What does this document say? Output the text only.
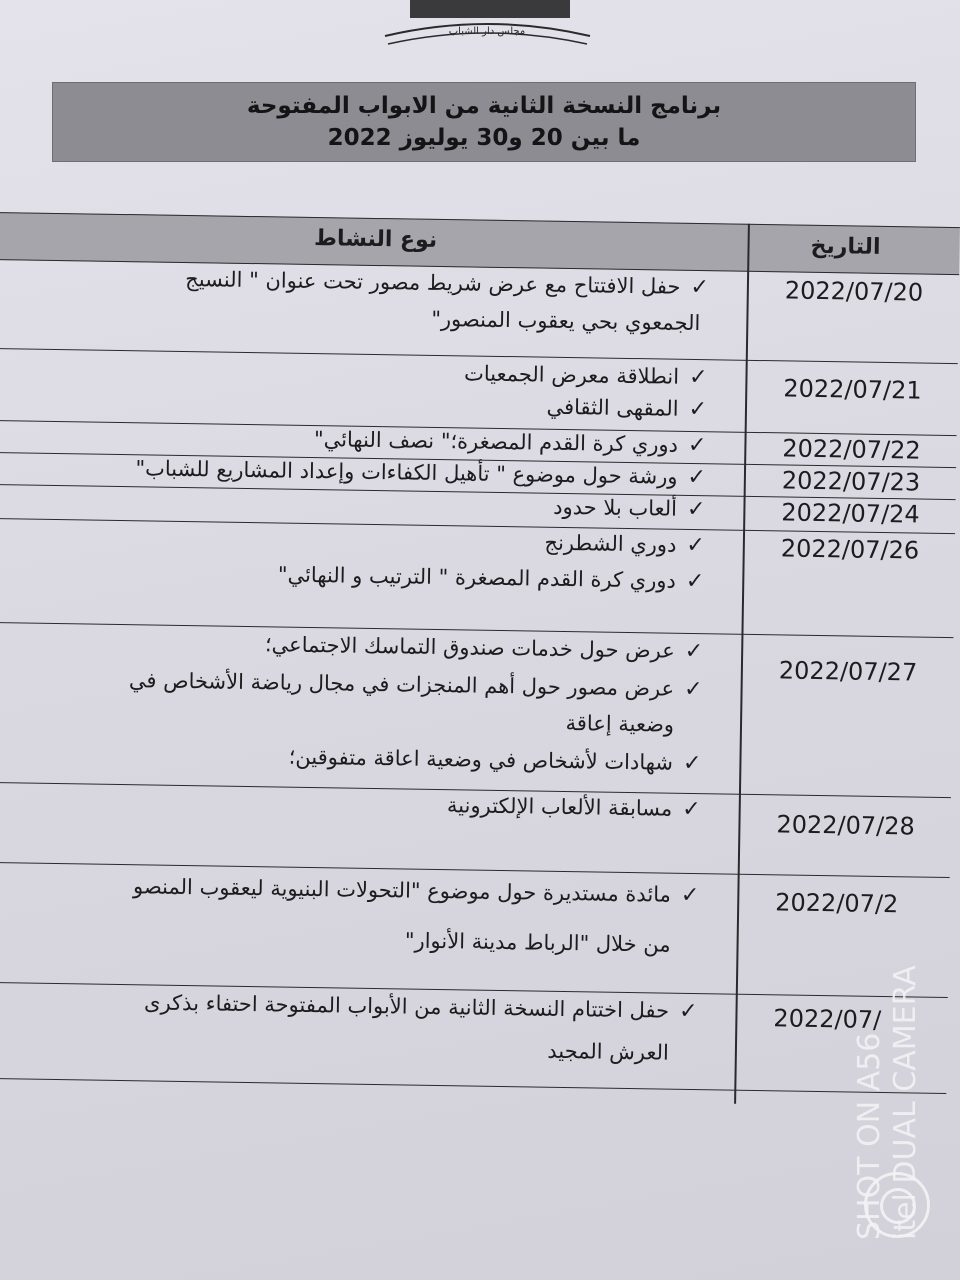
مجلس دار الشباب
برنامج النسخة الثانية من الابواب المفتوحة
ما بين 20 و30 يوليوز 2022
التاريخ
نوع النشاط
2022/07/20
✓حفل الافتتاح مع عرض شريط مصور تحت عنوان " النسيج
الجمعوي بحي يعقوب المنصور"
2022/07/21
✓انطلاقة معرض الجمعيات
✓المقهى الثقافي
2022/07/22
✓دوري كرة القدم المصغرة؛" نصف النهائي"
2022/07/23
✓ورشة حول موضوع " تأهيل الكفاءات وإعداد المشاريع للشباب"
2022/07/24
✓ألعاب بلا حدود
2022/07/26
✓دوري الشطرنج
✓دوري كرة القدم المصغرة " الترتيب و النهائي"
2022/07/27
✓عرض حول خدمات صندوق التماسك الاجتماعي؛
✓عرض مصور حول أهم المنجزات في مجال رياضة الأشخاص في
وضعية إعاقة
✓شهادات لأشخاص في وضعية اعاقة متفوقين؛
2022/07/28
✓مسابقة الألعاب الإلكترونية
2022/07/2
✓مائدة مستديرة حول موضوع "التحولات البنيوية ليعقوب المنصو
من خلال "الرباط مدينة الأنوار"
2022/07/
✓حفل اختتام النسخة الثانية من الأبواب المفتوحة احتفاء بذكرى
العرش المجيد	SHOT ON A56 itel DUAL CAMERA
